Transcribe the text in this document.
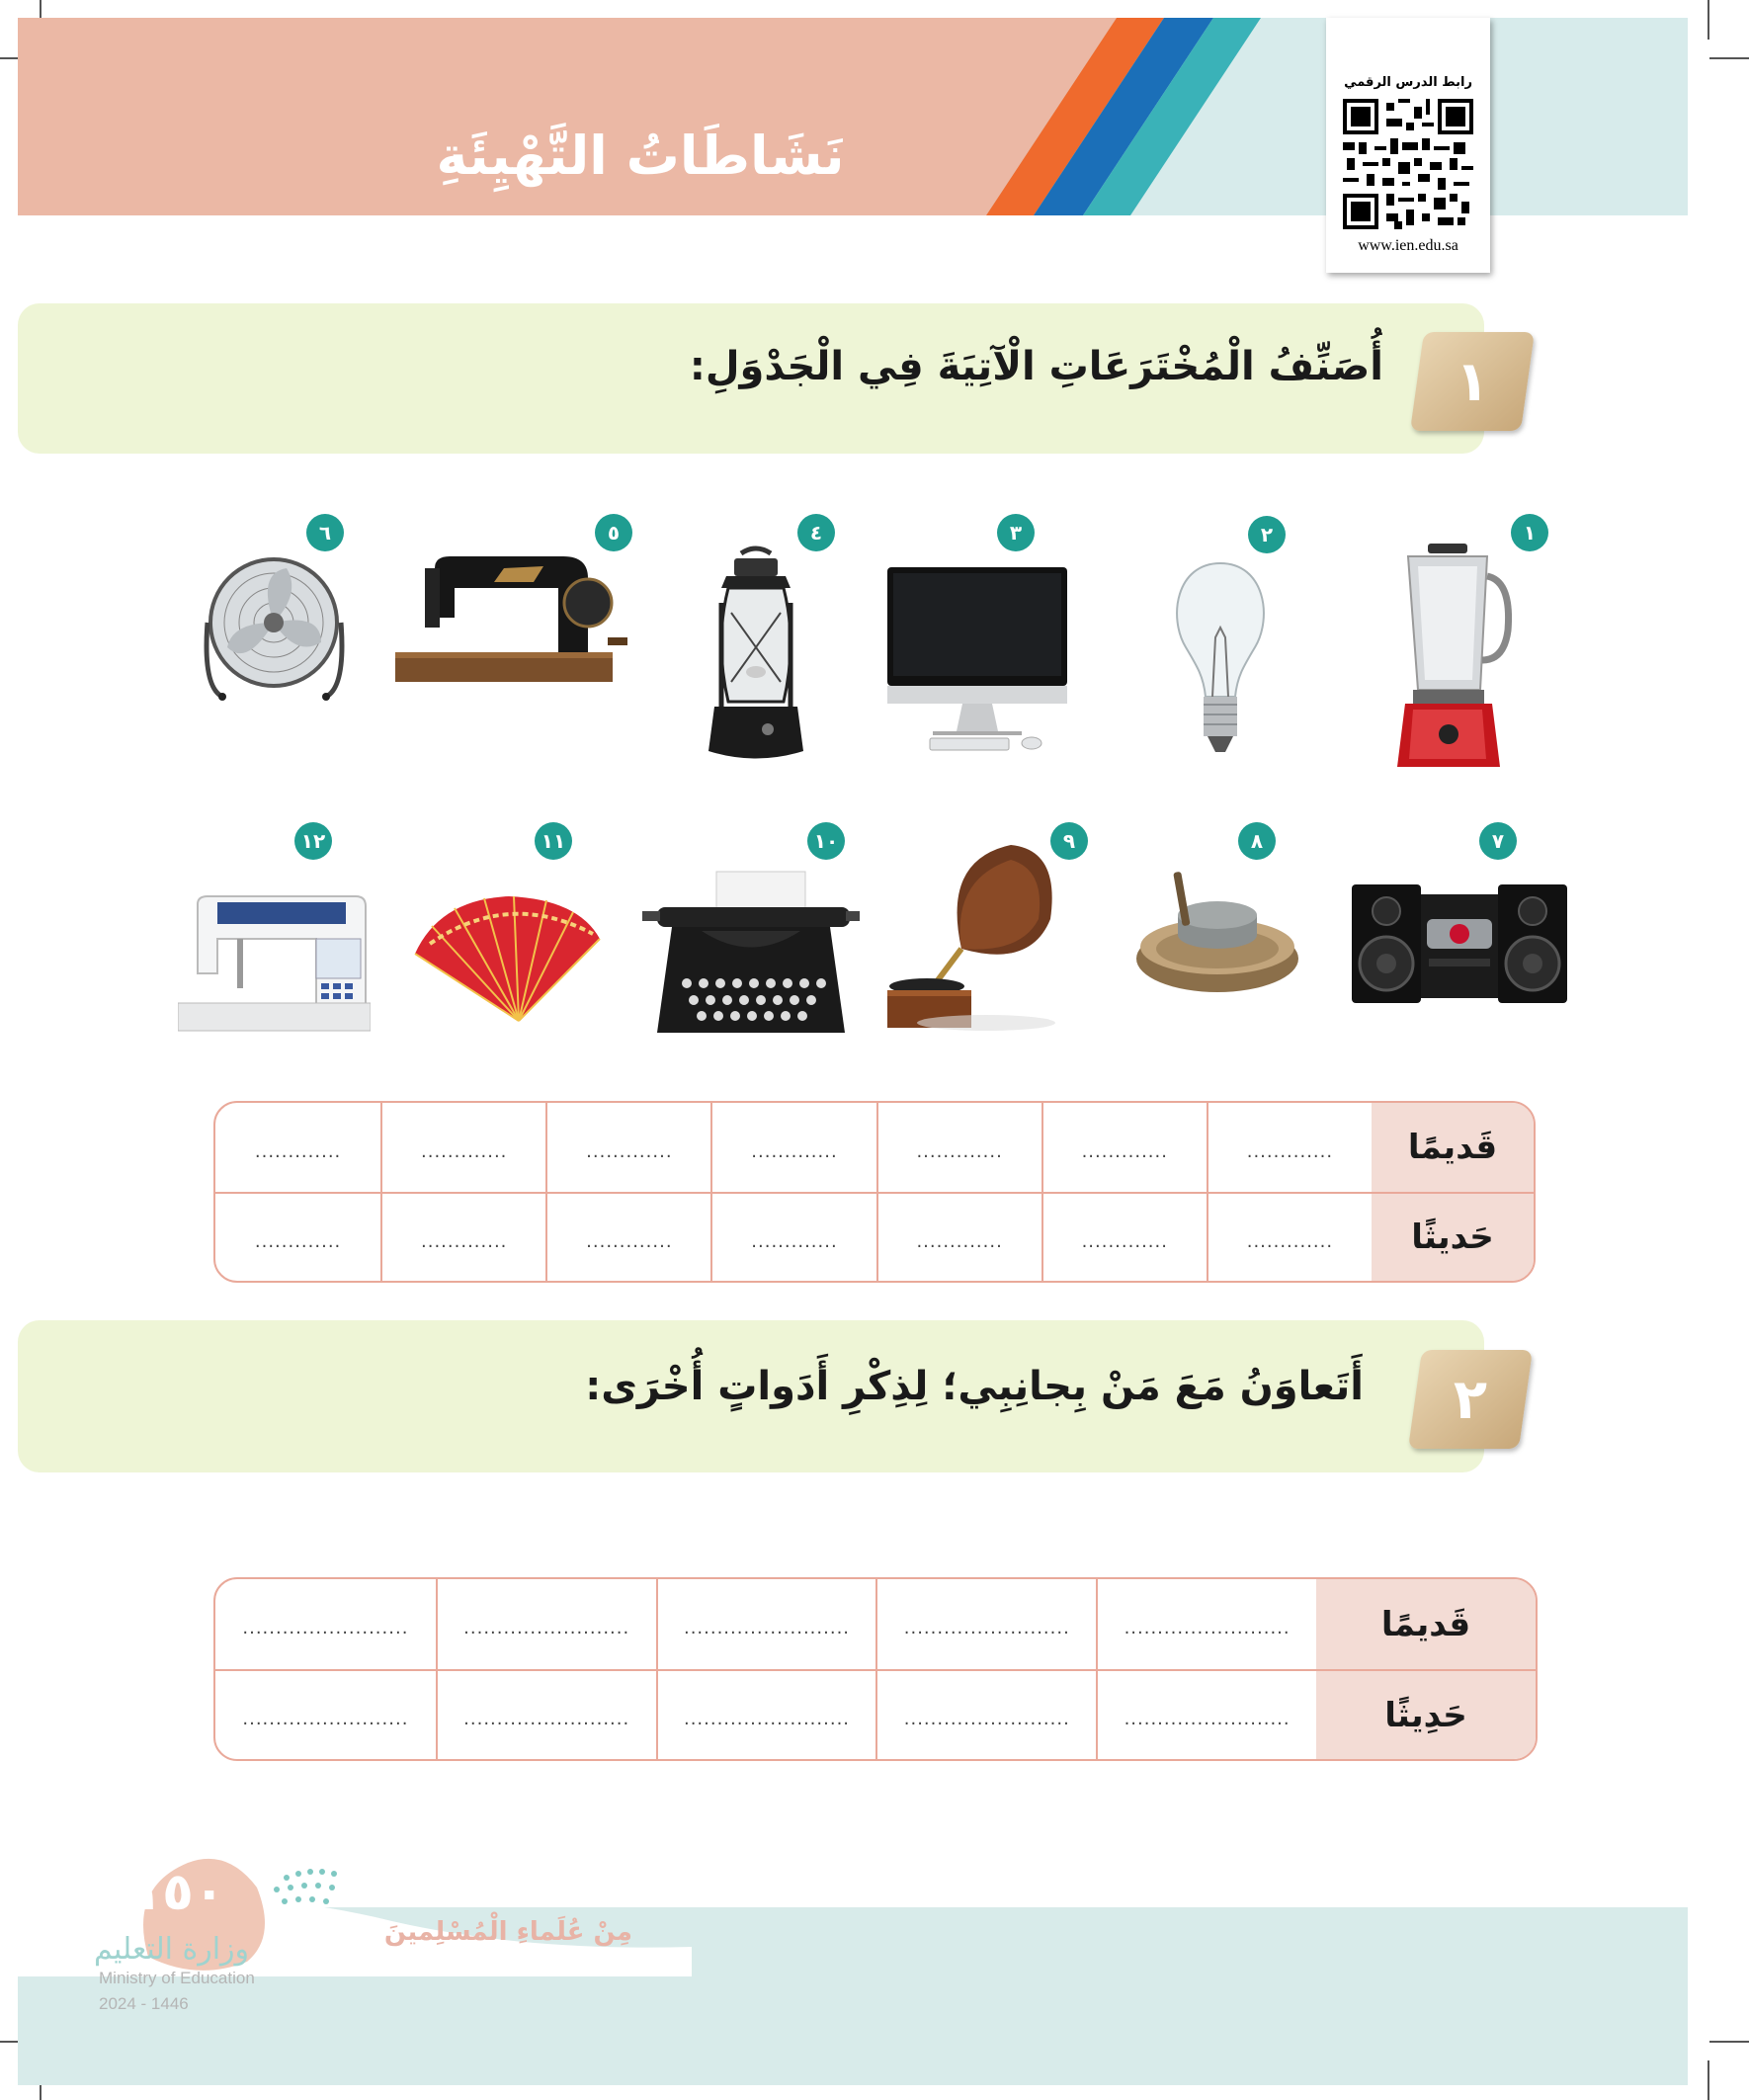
نَشَاطَاتُ التَّهْيِئَةِ
رابط الدرس الرقمي
www.ien.edu.sa
١
أُصَنِّفُ الْمُخْتَرَعَاتِ الْآتِيَةَ فِي الْجَدْوَلِ:
١
٢
٣
٤
٥
٦
٧
٨
٩
١٠
١١
١٢
.............	.............	.............	.............	.............	.............	.............	قَديمًا
.............	.............	.............	.............	.............	.............	.............	حَديثًا
٢
أَتَعاوَنُ مَعَ مَنْ بِجانِبِي؛ لِذِكْرِ أَدَواتٍ أُخْرَى:
.........................	.........................	.........................	.........................	.........................	قَديمًا
.........................	.........................	.........................	.........................	.........................	حَدِيثًا
١٥٠
مِنْ عُلَماءِ الْمُسْلِمينَ
وزارة التعليم
Ministry of Education
2024 - 1446
